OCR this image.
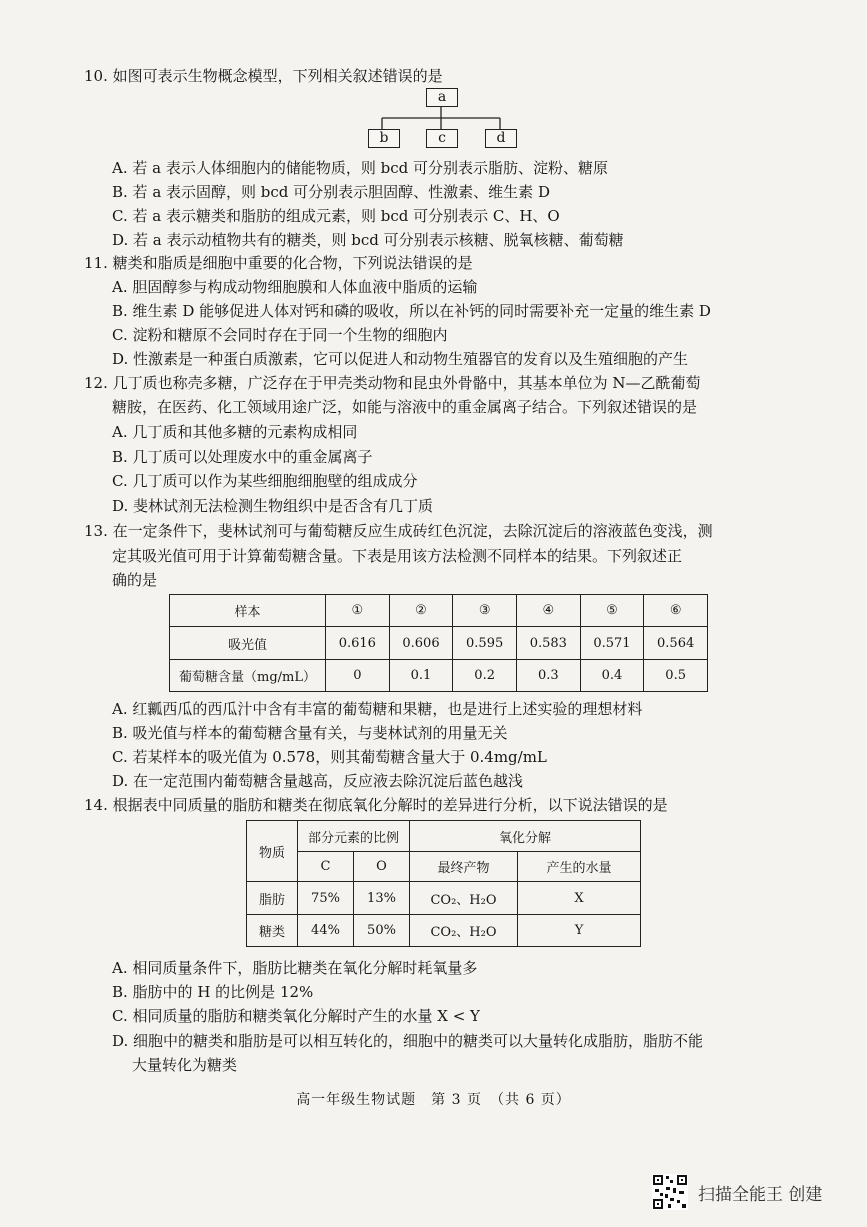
10. 如图可表示生物概念模型，下列相关叙述错误的是
a
b	c	d
A. 若 a 表示人体细胞内的储能物质，则 bcd 可分别表示脂肪、淀粉、糖原
B. 若 a 表示固醇，则 bcd 可分别表示胆固醇、性激素、维生素 D
C. 若 a 表示糖类和脂肪的组成元素，则 bcd 可分别表示 C、H、O
D. 若 a 表示动植物共有的糖类，则 bcd 可分别表示核糖、脱氧核糖、葡萄糖
11. 糖类和脂质是细胞中重要的化合物，下列说法错误的是
A. 胆固醇参与构成动物细胞膜和人体血液中脂质的运输
B. 维生素 D 能够促进人体对钙和磷的吸收，所以在补钙的同时需要补充一定量的维生素 D
C. 淀粉和糖原不会同时存在于同一个生物的细胞内
D. 性激素是一种蛋白质激素，它可以促进人和动物生殖器官的发育以及生殖细胞的产生
12. 几丁质也称壳多糖，广泛存在于甲壳类动物和昆虫外骨骼中，其基本单位为 N—乙酰葡萄
糖胺，在医药、化工领域用途广泛，如能与溶液中的重金属离子结合。下列叙述错误的是
A. 几丁质和其他多糖的元素构成相同
B. 几丁质可以处理废水中的重金属离子
C. 几丁质可以作为某些细胞细胞壁的组成成分
D. 斐林试剂无法检测生物组织中是否含有几丁质
13. 在一定条件下，斐林试剂可与葡萄糖反应生成砖红色沉淀，去除沉淀后的溶液蓝色变浅，测
定其吸光值可用于计算葡萄糖含量。下表是用该方法检测不同样本的结果。下列叙述正
确的是
样本	①	②	③	④	⑤	⑥
吸光值	0.616	0.606	0.595	0.583	0.571	0.564
葡萄糖含量（mg/mL）	0	0.1	0.2	0.3	0.4	0.5
A. 红瓤西瓜的西瓜汁中含有丰富的葡萄糖和果糖，也是进行上述实验的理想材料
B. 吸光值与样本的葡萄糖含量有关，与斐林试剂的用量无关
C. 若某样本的吸光值为 0.578，则其葡萄糖含量大于 0.4mg/mL
D. 在一定范围内葡萄糖含量越高，反应液去除沉淀后蓝色越浅
14. 根据表中同质量的脂肪和糖类在彻底氧化分解时的差异进行分析，以下说法错误的是
物质	部分元素的比例		氧化分解	
	C	O	最终产物	产生的水量
脂肪	75%	13%	CO₂、H₂O	X
糖类	44%	50%	CO₂、H₂O	Y
A. 相同质量条件下，脂肪比糖类在氧化分解时耗氧量多
B. 脂肪中的 H 的比例是 12%
C. 相同质量的脂肪和糖类氧化分解时产生的水量 X < Y
D. 细胞中的糖类和脂肪是可以相互转化的，细胞中的糖类可以大量转化成脂肪，脂肪不能
大量转化为糖类
高一年级生物试题　第 3 页　（共 6 页）
扫描全能王 创建
